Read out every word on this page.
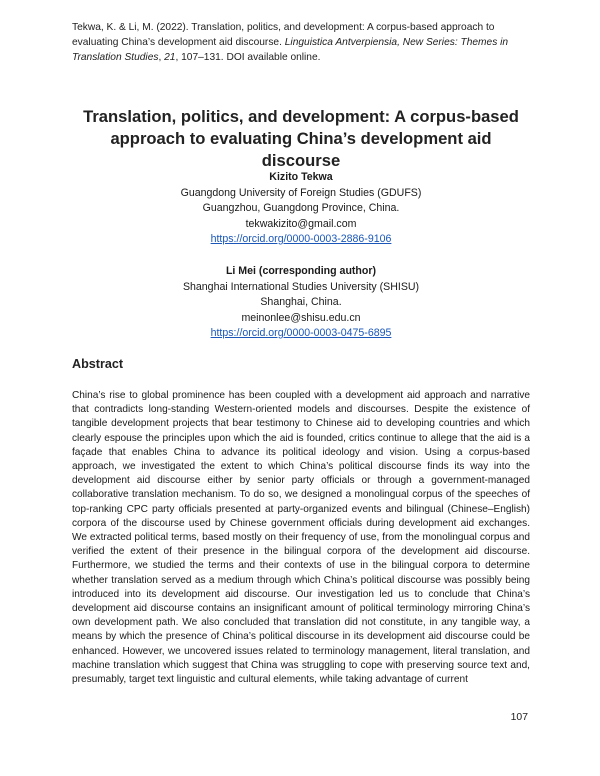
Tekwa, K. & Li, M. (2022). Translation, politics, and development: A corpus-based approach to evaluating China’s development aid discourse. Linguistica Antverpiensia, New Series: Themes in Translation Studies, 21, 107–131. DOI available online.
Translation, politics, and development: A corpus-based
approach to evaluating China’s development aid discourse
Kizito Tekwa
Guangdong University of Foreign Studies (GDUFS)
Guangzhou, Guangdong Province, China.
tekwakizito@gmail.com
https://orcid.org/0000-0003-2886-9106
Li Mei (corresponding author)
Shanghai International Studies University (SHISU)
Shanghai, China.
meinonlee@shisu.edu.cn
https://orcid.org/0000-0003-0475-6895
Abstract

China’s rise to global prominence has been coupled with a development aid approach and narrative that contradicts long-standing Western-oriented models and discourses. Despite the existence of tangible development projects that bear testimony to Chinese aid to developing countries and which clearly espouse the principles upon which the aid is founded, critics continue to allege that the aid is a façade that enables China to advance its political ideology and vision. Using a corpus-based approach, we investigated the extent to which China’s political discourse finds its way into the development aid discourse either by senior party officials or through a government-managed collaborative translation mechanism. To do so, we designed a monolingual corpus of the speeches of top-ranking CPC party officials presented at party-organized events and bilingual (Chinese–English) corpora of the discourse used by Chinese government officials during development aid exchanges. We extracted political terms, based mostly on their frequency of use, from the monolingual corpus and verified the extent of their presence in the bilingual corpora of the development aid discourse. Furthermore, we studied the terms and their contexts of use in the bilingual corpora to determine whether translation served as a medium through which China’s political discourse was possibly being introduced into its development aid discourse. Our investigation led us to conclude that China’s development aid discourse contains an insignificant amount of political terminology mirroring China’s own development path. We also concluded that translation did not constitute, in any tangible way, a means by which the presence of China’s political discourse in its development aid discourse could be enhanced. However, we uncovered issues related to terminology management, literal translation, and machine translation which suggest that China was struggling to cope with preserving source text and, presumably, target text linguistic and cultural elements, while taking advantage of current

107
